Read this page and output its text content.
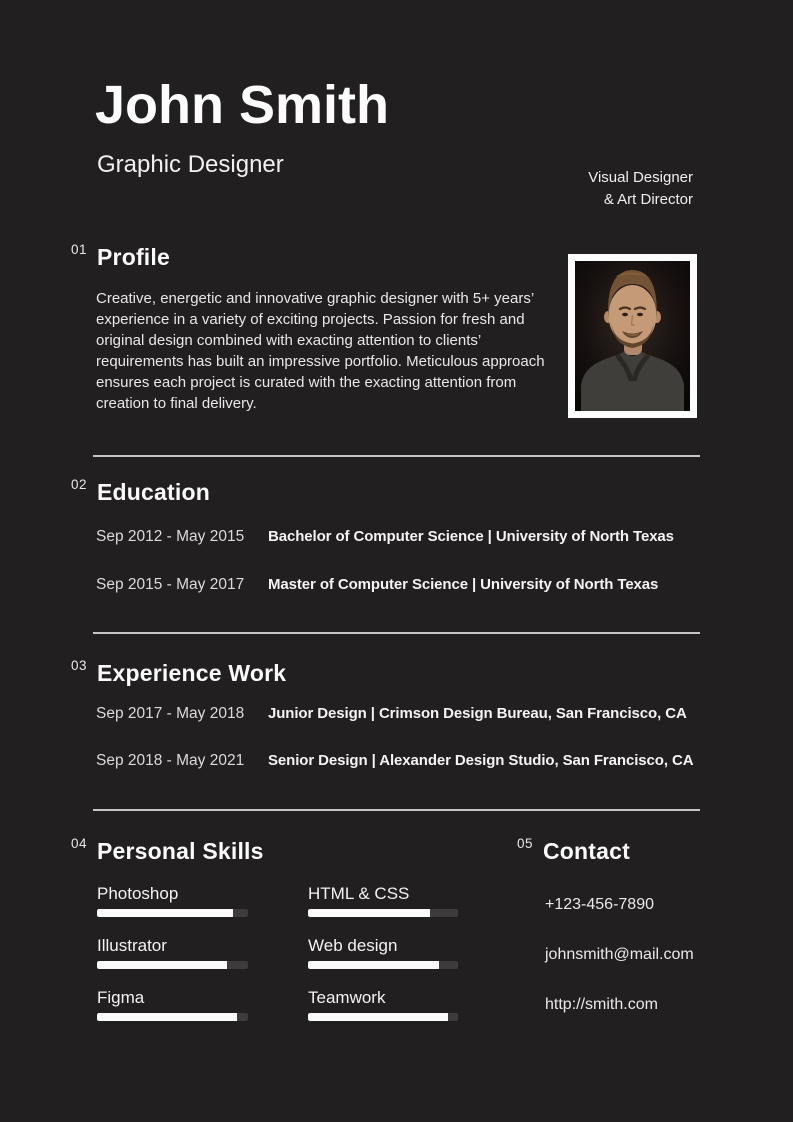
John Smith
Graphic Designer	Visual Designer
& Art Director
01 Profile
Creative, energetic and innovative graphic designer with 5+ years’ experience in a variety of exciting projects. Passion for fresh and original design combined with exacting attention to clients’ requirements has built an impressive portfolio. Meticulous approach ensures each project is curated with the exacting attention from creation to final delivery.
02 Education
Sep 2012 - May 2015 Bachelor of Computer Science | University of North Texas
Sep 2015 - May 2017 Master of Computer Science | University of North Texas
03 Experience Work
Sep 2017 - May 2018 Junior Design | Crimson Design Bureau, San Francisco, CA
Sep 2018 - May 2021 Senior Design | Alexander Design Studio, San Francisco, CA
04 Personal Skills
Photoshop
Illustrator
Figma
HTML & CSS
Web design
Teamwork
05 Contact
+123-456-7890
johnsmith@mail.com
http://smith.com
